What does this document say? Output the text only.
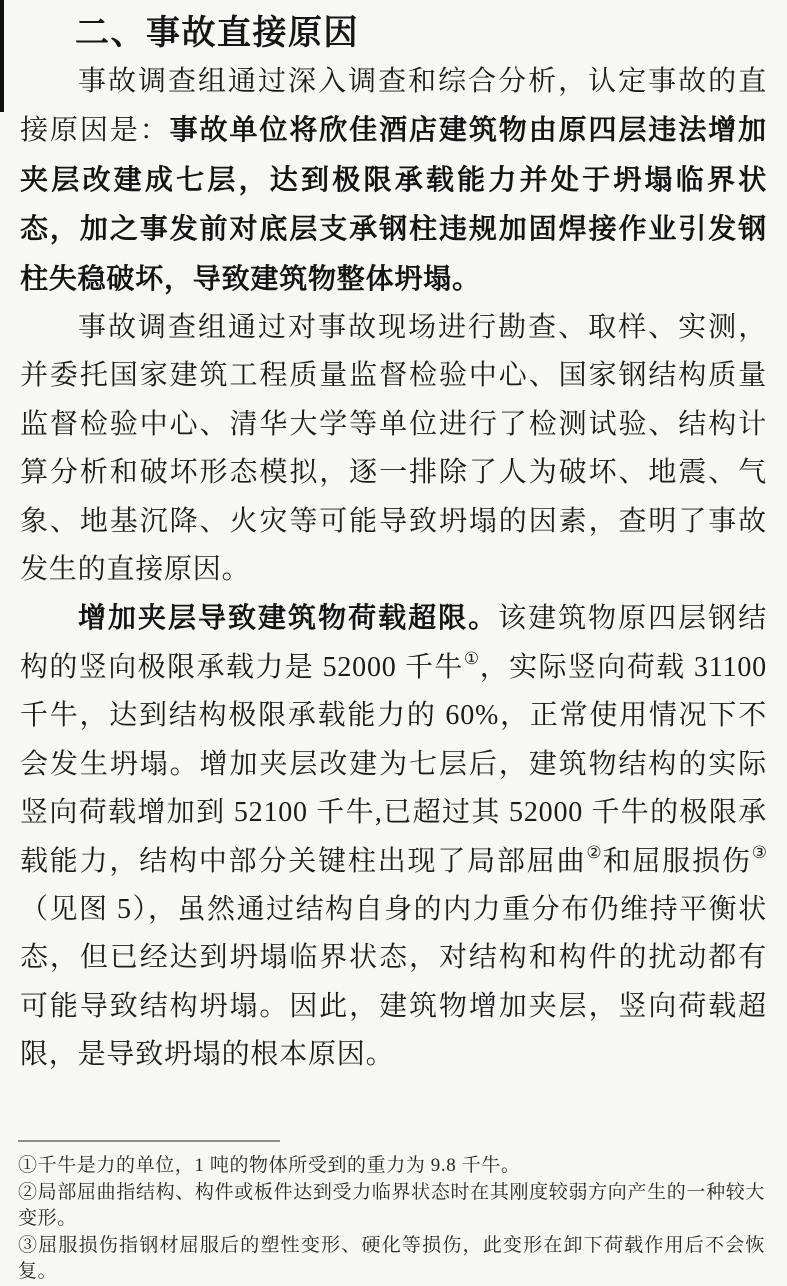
二、事故直接原因

事故调查组通过深入调查和综合分析，认定事故的直接原因是：事故单位将欣佳酒店建筑物由原四层违法增加夹层改建成七层，达到极限承载能力并处于坍塌临界状态，加之事发前对底层支承钢柱违规加固焊接作业引发钢柱失稳破坏，导致建筑物整体坍塌。

事故调查组通过对事故现场进行勘查、取样、实测，并委托国家建筑工程质量监督检验中心、国家钢结构质量监督检验中心、清华大学等单位进行了检测试验、结构计算分析和破坏形态模拟，逐一排除了人为破坏、地震、气象、地基沉降、火灾等可能导致坍塌的因素，查明了事故发生的直接原因。

增加夹层导致建筑物荷载超限。该建筑物原四层钢结构的竖向极限承载力是 52000 千牛①，实际竖向荷载 31100 千牛，达到结构极限承载能力的 60%，正常使用情况下不会发生坍塌。增加夹层改建为七层后，建筑物结构的实际竖向荷载增加到 52100 千牛,已超过其 52000 千牛的极限承载能力，结构中部分关键柱出现了局部屈曲②和屈服损伤③（见图 5），虽然通过结构自身的内力重分布仍维持平衡状态，但已经达到坍塌临界状态，对结构和构件的扰动都有可能导致结构坍塌。因此，建筑物增加夹层，竖向荷载超限，是导致坍塌的根本原因。

①千牛是力的单位，1 吨的物体所受到的重力为 9.8 千牛。

②局部屈曲指结构、构件或板件达到受力临界状态时在其刚度较弱方向产生的一种较大变形。

③屈服损伤指钢材屈服后的塑性变形、硬化等损伤，此变形在卸下荷载作用后不会恢复。
